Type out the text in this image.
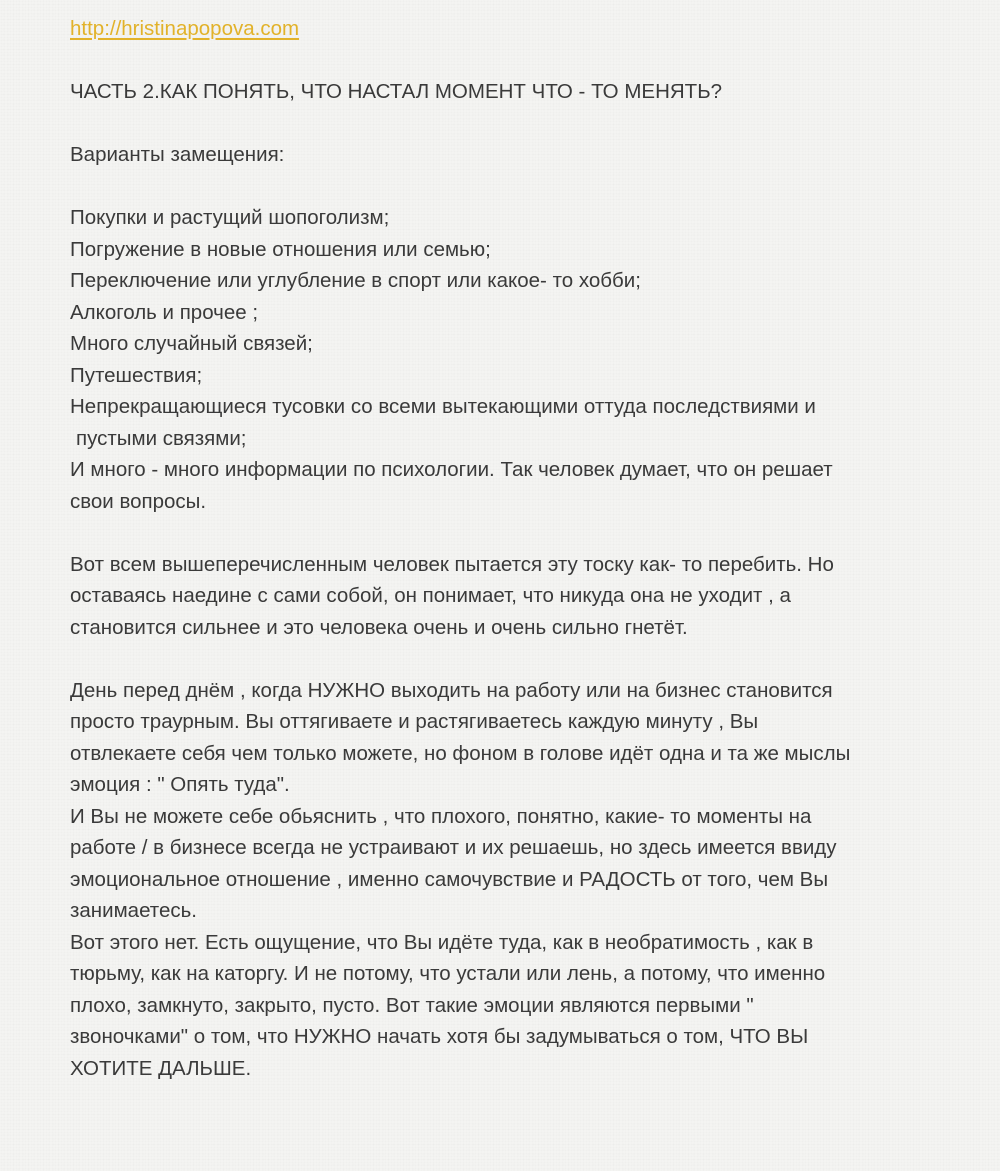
http://hristinapopova.com
ЧАСТЬ 2.КАК ПОНЯТЬ, ЧТО НАСТАЛ МОМЕНТ ЧТО - ТО МЕНЯТЬ?
Варианты замещения:
Покупки и растущий шопоголизм;
Погружение в новые отношения или семью;
Переключение или углубление в спорт или какое- то хобби;
Алкоголь и прочее ;
Много случайный связей;
Путешествия;
Непрекращающиеся тусовки со всеми вытекающими оттуда последствиями и
пустыми связями;
И много - много информации по психологии. Так человек думает, что он решает
свои вопросы.
Вот всем вышеперечисленным человек пытается эту тоску как- то перебить. Но
оставаясь наедине с сами собой, он понимает, что никуда она не уходит , а
становится сильнее и это человека очень и очень сильно гнетёт.
День перед днём , когда НУЖНО выходить на работу или на бизнес становится
просто траурным. Вы оттягиваете и растягиваетесь каждую минуту , Вы
отвлекаете себя чем только можете, но фоном в голове идёт одна и та же мыслы
эмоция : " Опять туда".
И Вы не можете себе обьяснить , что плохого, понятно, какие- то моменты на
работе / в бизнесе всегда не устраивают и их решаешь, но здесь имеется ввиду
эмоциональное отношение , именно самочувствие и РАДОСТЬ от того, чем Вы
занимаетесь.
Вот этого нет. Есть ощущение, что Вы идёте туда, как в необратимость , как в
тюрьму, как на каторгу. И не потому, что устали или лень, а потому, что именно
плохо, замкнуто, закрыто, пусто. Вот такие эмоции являются первыми "
звоночками" о том, что НУЖНО начать хотя бы задумываться о том, ЧТО ВЫ
ХОТИТЕ ДАЛЬШЕ.
